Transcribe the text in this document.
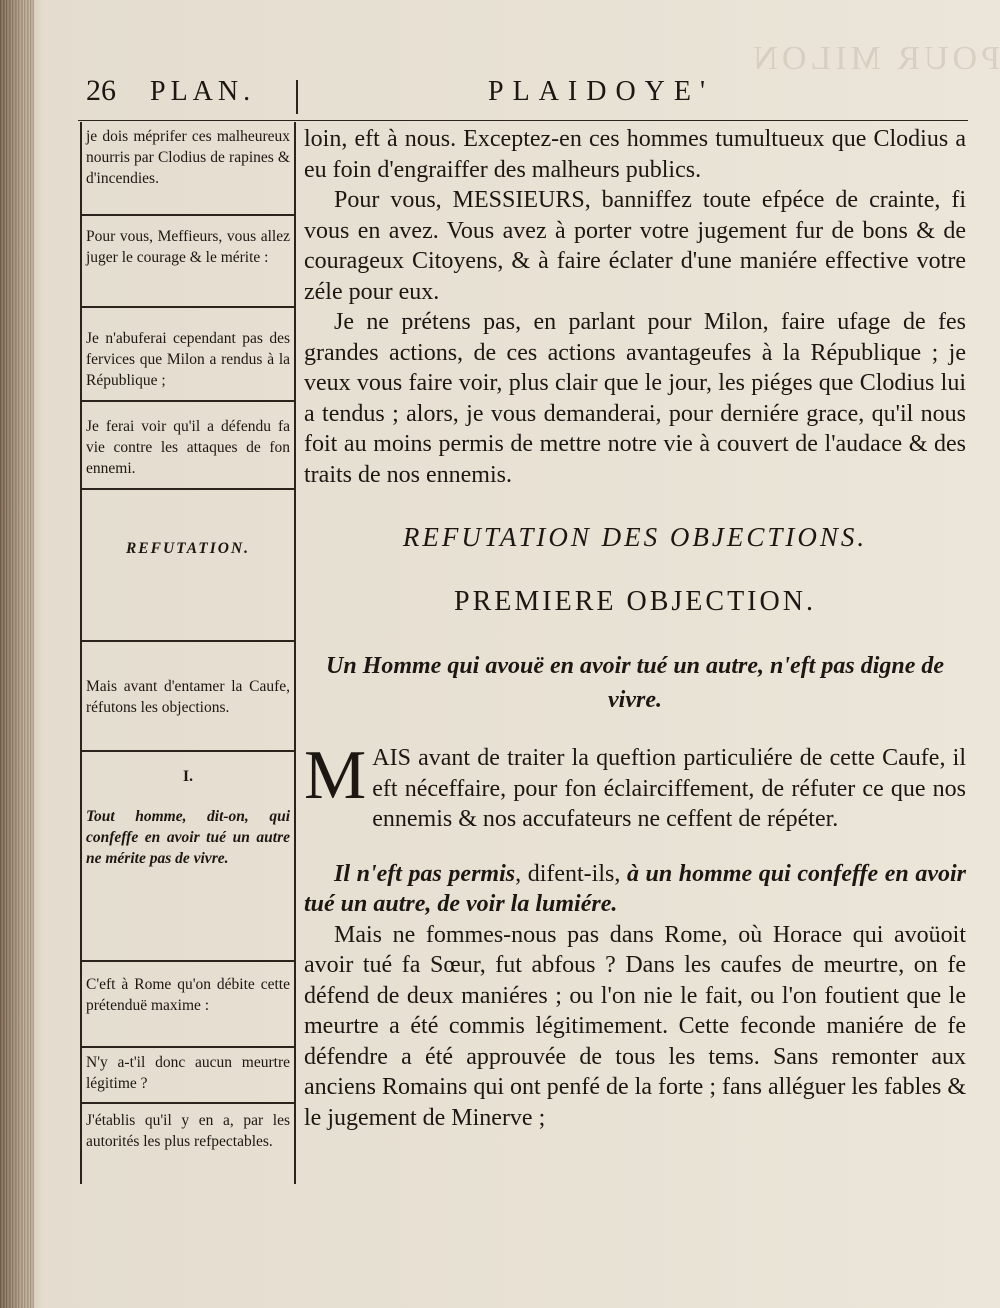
POUR MILON
26 PLAN.	PLAIDOYE'
je dois méprifer ces malheureux nourris par Clodius de rapines & d'incendies.
Pour vous, Meffieurs, vous allez juger le courage & le mérite :
Je n'abuferai cependant pas des fervices que Milon a rendus à la République ;
Je ferai voir qu'il a défendu fa vie contre les attaques de fon ennemi.
REFUTATION.
Mais avant d'entamer la Caufe, réfutons les objections.
I.
Tout homme, dit-on, qui confeffe en avoir tué un autre ne mérite pas de vivre.
C'eft à Rome qu'on débite cette prétenduë maxime :
N'y a-t'il donc aucun meurtre légitime ?
J'établis qu'il y en a, par les autorités les plus refpectables.

loin, eft à nous. Exceptez-en ces hommes tumultueux que Clodius a eu foin d'engraiffer des malheurs publics.

Pour vous, MESSIEURS, banniffez toute efpéce de crainte, fi vous en avez. Vous avez à porter votre jugement fur de bons & de courageux Citoyens, & à faire éclater d'une maniére effective votre zéle pour eux.

Je ne prétens pas, en parlant pour Milon, faire ufage de fes grandes actions, de ces actions avantageufes à la République ; je veux vous faire voir, plus clair que le jour, les piéges que Clodius lui a tendus ; alors, je vous demanderai, pour derniére grace, qu'il nous foit au moins permis de mettre notre vie à couvert de l'audace & des traits de nos ennemis.

REFUTATION DES OBJECTIONS.
PREMIERE OBJECTION.
Un Homme qui avouë en avoir tué un autre, n'eft pas digne de vivre.

MAIS avant de traiter la queftion particuliére de cette Caufe, il eft néceffaire, pour fon éclairciffement, de réfuter ce que nos ennemis & nos accufateurs ne ceffent de répéter.

Il n'eft pas permis, difent-ils, à un homme qui confeffe en avoir tué un autre, de voir la lumiére.

Mais ne fommes-nous pas dans Rome, où Horace qui avoüoit avoir tué fa Sœur, fut abfous ? Dans les caufes de meurtre, on fe défend de deux maniéres ; ou l'on nie le fait, ou l'on foutient que le meurtre a été commis légitimement. Cette feconde maniére de fe défendre a été approuvée de tous les tems. Sans remonter aux anciens Romains qui ont penfé de la forte ; fans alléguer les fables & le jugement de Minerve ;
